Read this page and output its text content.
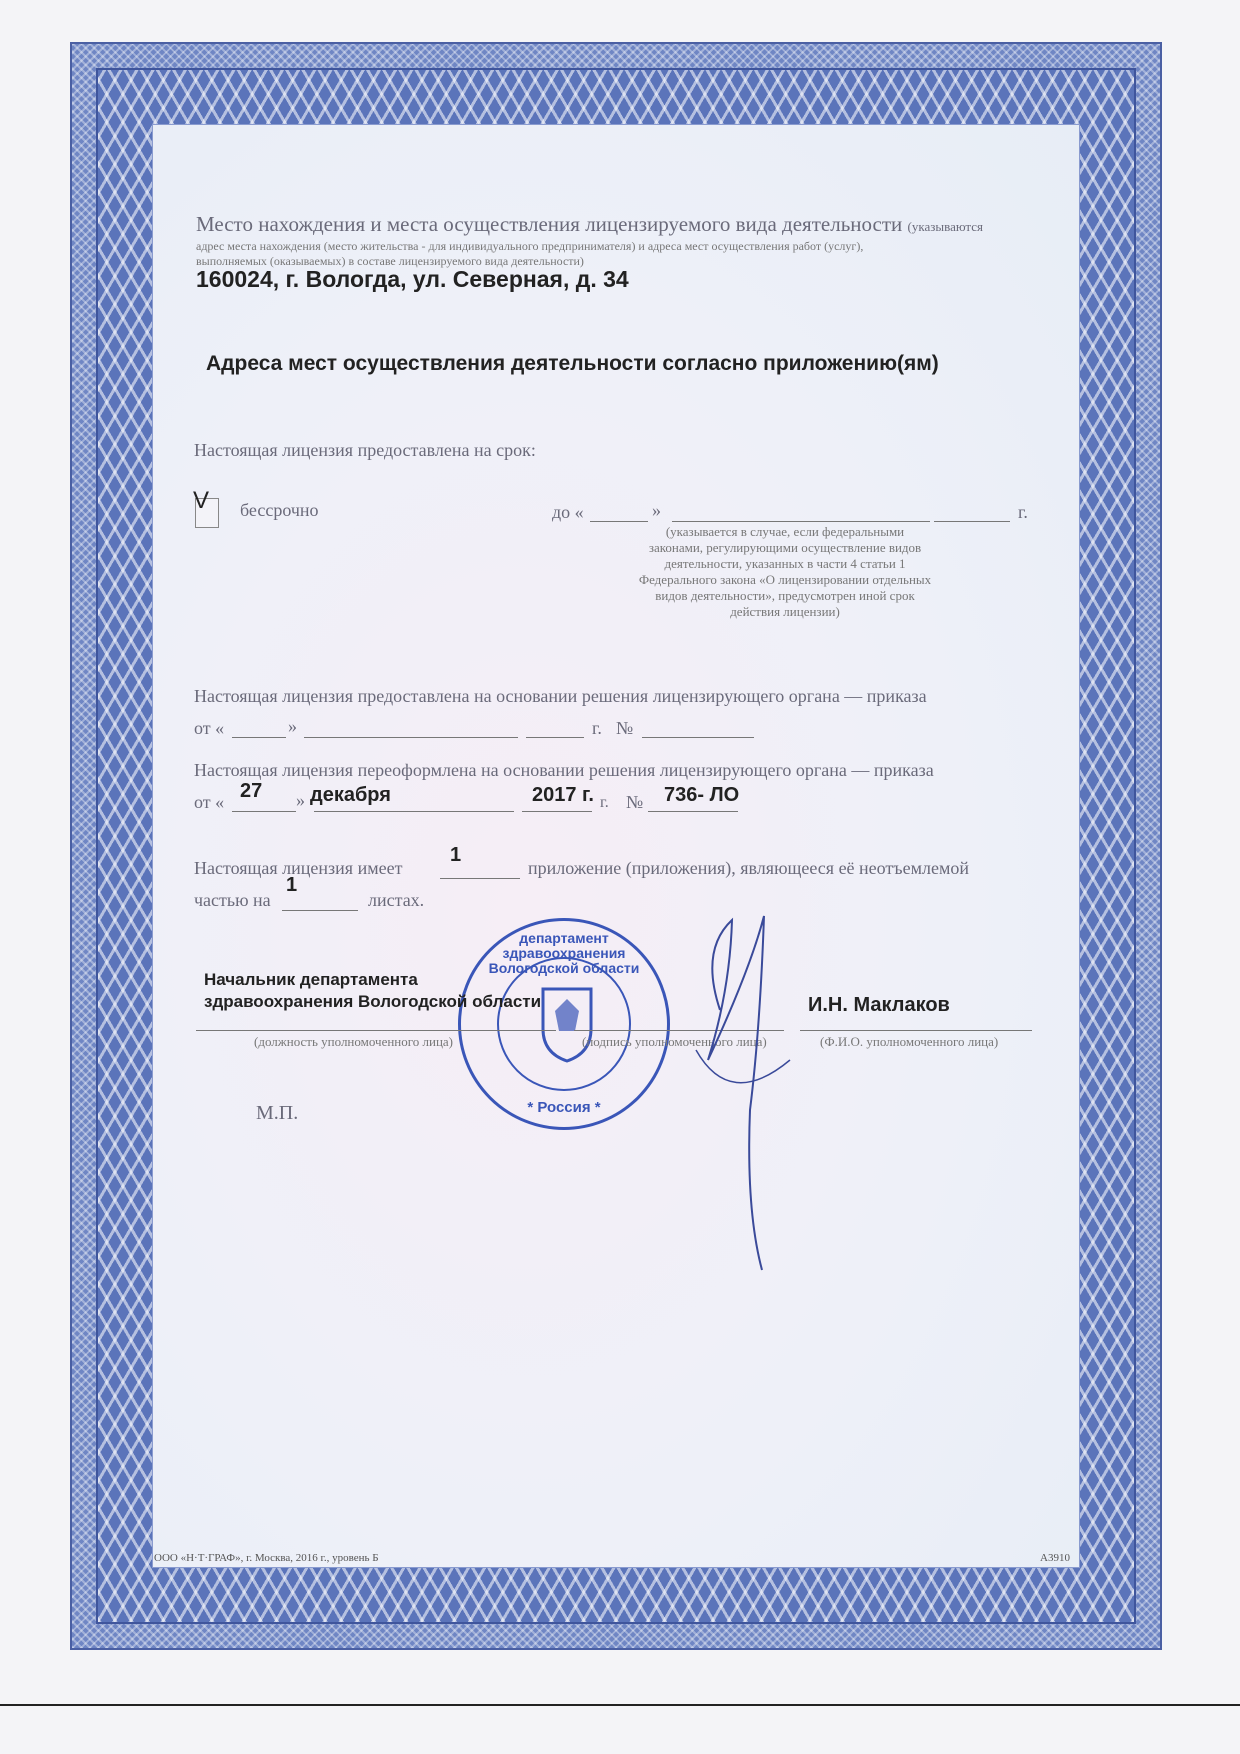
Место нахождения и места осуществления лицензируемого вида деятельности (указываются
адрес места нахождения (место жительства - для индивидуального предпринимателя) и адреса мест осуществления работ (услуг),
выполняемых (оказываемых) в составе лицензируемого вида деятельности)
160024, г. Вологда, ул. Северная, д. 34
Адреса мест осуществления деятельности согласно приложению(ям)
Настоящая лицензия предоставлена на срок:
V бессрочно	до «	»	г.
(указывается в случае, если федеральными
законами, регулирующими осуществление видов
деятельности, указанных в части 4 статьи 1
Федерального закона «О лицензировании отдельных
видов деятельности», предусмотрен иной срок
действия лицензии)
Настоящая лицензия предоставлена на основании решения лицензирующего органа — приказа
от «	»	г. №
Настоящая лицензия переоформлена на основании решения лицензирующего органа — приказа
от « 27 » декабря	2017 г. г. № 736- ЛО
Настоящая лицензия имеет
1
приложение (приложения), являющееся её неотъемлемой
частью на
1
листах.
департамент здравоохранения Вологодской области
* Россия *
Начальник департамента
здравоохранения Вологодской области	И.Н. Маклаков
(должность уполномоченного лица)	(подпись уполномоченного лица)	(Ф.И.О. уполномоченного лица)
М.П.
ООО «Н·Т·ГРАФ», г. Москва, 2016 г., уровень Б	А3910
